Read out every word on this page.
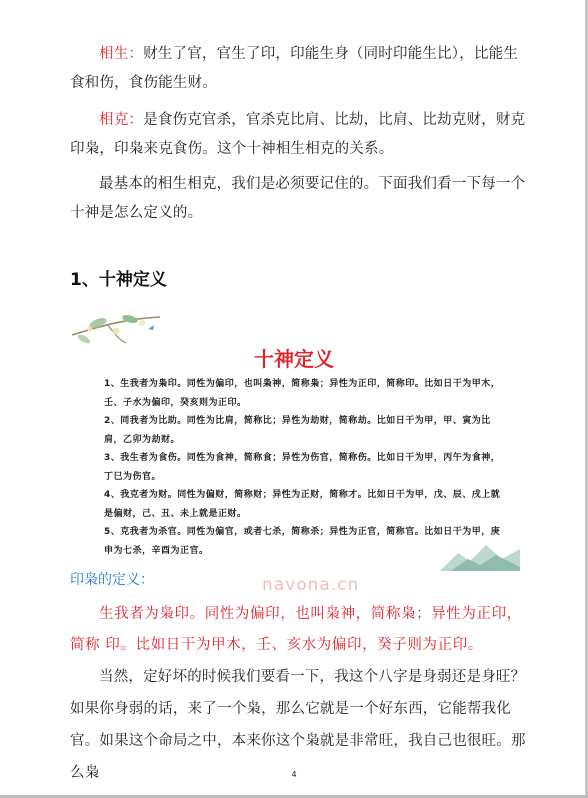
相生：财生了官，官生了印，印能生身（同时印能生比），比能生食和伤，食伤能生财。

相克：是食伤克官杀，官杀克比肩、比劫，比肩、比劫克财，财克印枭，印枭来克食伤。这个十神相生相克的关系。

最基本的相生相克，我们是必须要记住的。下面我们看一下每一个十神是怎么定义的。

1、十神定义
十神定义
1、生我者为枭印。同性为偏印，也叫枭神，简称枭；异性为正印，简称印。比如日干为甲木，壬、子水为偏印，癸亥则为正印。
2、同我者为比助。同性为比肩，简称比；异性为劫财，简称劫。比如日干为甲，甲、寅为比肩，乙卯为劫财。
3、我生者为食伤。同性为食神，简称食；异性为伤官，简称伤。比如日干为甲，丙午为食神，丁巳为伤官。
4、我克者为财。同性为偏财，简称财；异性为正财，简称才。比如日干为甲，戊、辰、戌上就是偏财，己、丑、未上就是正财。
5、克我者为杀官。同性为偏官，或者七杀，简称杀；异性为正官，简称官。比如日干为甲，庚申为七杀，辛酉为正官。
navona.cn
印枭的定义：

生我者为枭印。同性为偏印，也叫枭神，简称枭；异性为正印，简称 印。比如日干为甲木，壬、亥水为偏印，癸子则为正印。

当然，定好坏的时候我们要看一下，我这个八字是身弱还是身旺？如果你身弱的话，来了一个枭，那么它就是一个好东西，它能帮我化官。如果这个命局之中，本来你这个枭就是非常旺，我自己也很旺。那么枭	4
